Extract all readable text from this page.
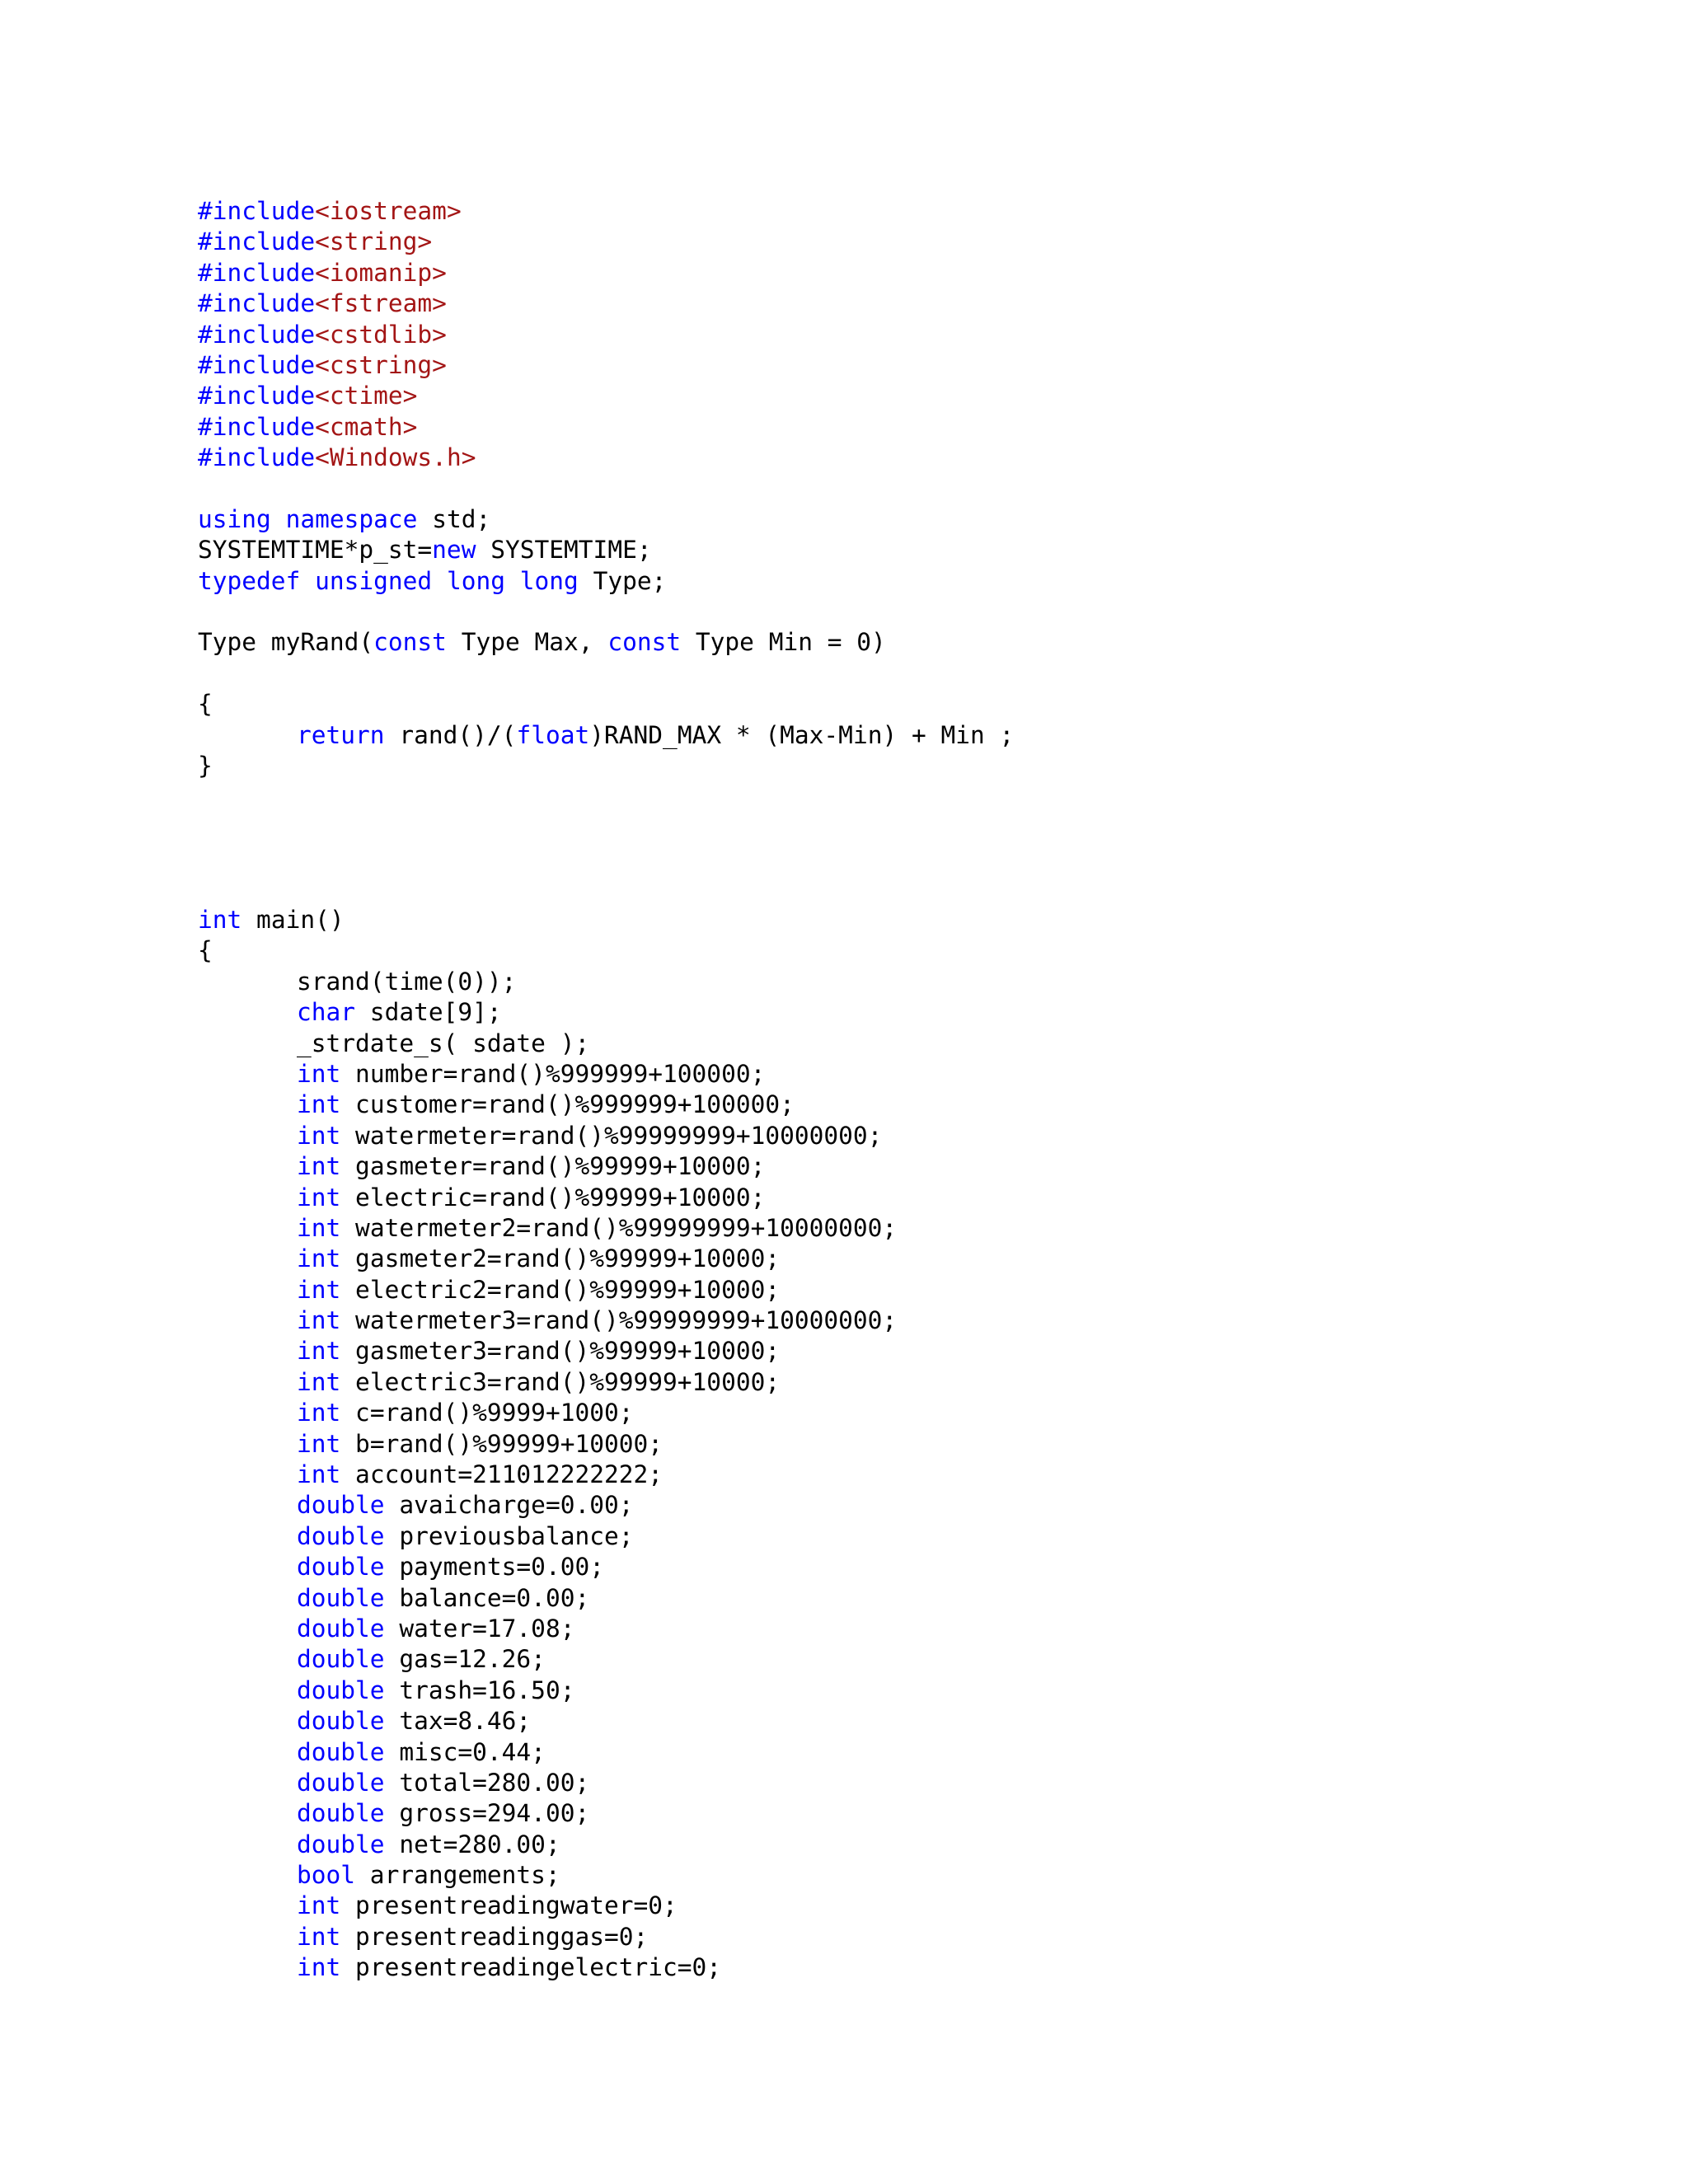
#include<iostream>
#include<string>
#include<iomanip>
#include<fstream>
#include<cstdlib>
#include<cstring>
#include<ctime>
#include<cmath>
#include<Windows.h>
using namespace std;
SYSTEMTIME*p_st=new SYSTEMTIME;
typedef unsigned long long Type;
Type myRand(const Type Max, const Type Min = 0)
{
return rand()/(float)RAND_MAX * (Max-Min) + Min ;
}
int main()
{
srand(time(0));
char sdate[9];
_strdate_s( sdate );
int number=rand()%999999+100000;
int customer=rand()%999999+100000;
int watermeter=rand()%99999999+10000000;
int gasmeter=rand()%99999+10000;
int electric=rand()%99999+10000;
int watermeter2=rand()%99999999+10000000;
int gasmeter2=rand()%99999+10000;
int electric2=rand()%99999+10000;
int watermeter3=rand()%99999999+10000000;
int gasmeter3=rand()%99999+10000;
int electric3=rand()%99999+10000;
int c=rand()%9999+1000;
int b=rand()%99999+10000;
int account=211012222222;
double avaicharge=0.00;
double previousbalance;
double payments=0.00;
double balance=0.00;
double water=17.08;
double gas=12.26;
double trash=16.50;
double tax=8.46;
double misc=0.44;
double total=280.00;
double gross=294.00;
double net=280.00;
bool arrangements;
int presentreadingwater=0;
int presentreadinggas=0;
int presentreadingelectric=0;
